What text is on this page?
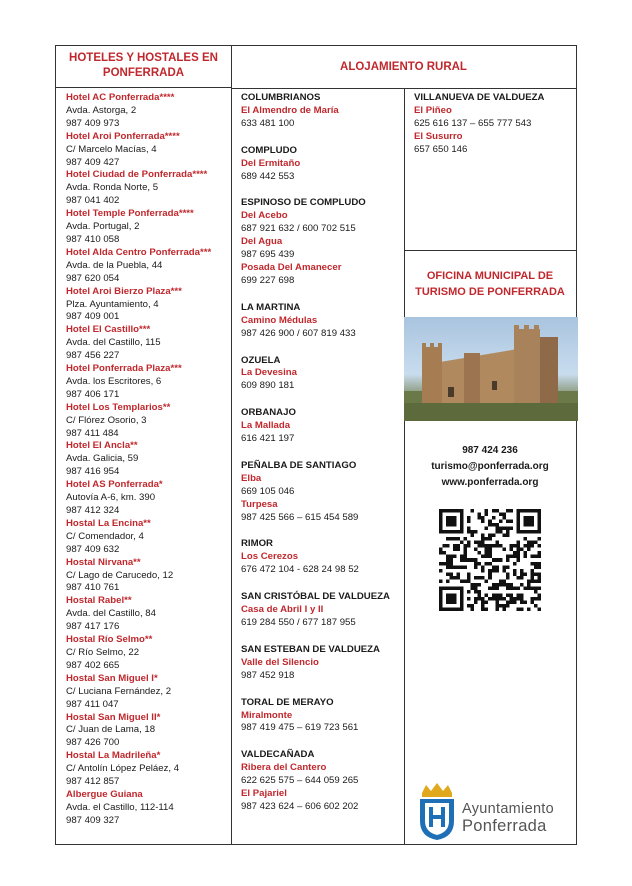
HOTELES Y HOSTALES EN PONFERRADA
Hotel AC Ponferrada****
Avda. Astorga, 2
987 409 973
Hotel Aroi Ponferrada****
C/ Marcelo Macías, 4
987 409 427
Hotel Ciudad de Ponferrada****
Avda. Ronda Norte, 5
987 041 402
Hotel Temple Ponferrada****
Avda. Portugal, 2
987 410 058
Hotel Alda Centro Ponferrada***
Avda. de la Puebla, 44
987 620 054
Hotel Aroi Bierzo Plaza***
Plza. Ayuntamiento, 4
987 409 001
Hotel El Castillo***
Avda. del Castillo, 115
987 456 227
Hotel Ponferrada Plaza***
Avda. los Escritores, 6
987 406 171
Hotel Los Templarios**
C/ Flórez Osorio, 3
987 411 484
Hotel El Ancla**
Avda. Galicia, 59
987 416 954
Hotel AS Ponferrada*
Autovía A-6, km. 390
987 412 324
Hostal La Encina**
C/ Comendador, 4
987 409 632
Hostal Nirvana**
C/ Lago de Carucedo, 12
987 410 761
Hostal Rabel**
Avda. del Castillo, 84
987 417 176
Hostal Río Selmo**
C/ Río Selmo, 22
987 402 665
Hostal San Miguel I*
C/ Luciana Fernández, 2
987 411 047
Hostal San Miguel II*
C/ Juan de Lama, 18
987 426 700
Hostal La Madrileña*
C/ Antolín López Peláez, 4
987 412 857
Albergue Guiana
Avda. el Castillo, 112-114
987 409 327
ALOJAMIENTO RURAL
COLUMBRIANOS
El Almendro de María
633 481 100
COMPLUDO
Del Ermitaño
689 442 553
ESPINOSO DE COMPLUDO
Del Acebo
687 921 632 / 600 702 515
Del Agua
987 695 439
Posada Del Amanecer
699 227 698
LA MARTINA
Camino Médulas
987 426 900 / 607 819 433
OZUELA
La Devesina
609 890 181
ORBANAJO
La Mallada
616 421 197
PEÑALBA DE SANTIAGO
Elba
669 105 046
Turpesa
987 425 566 – 615 454 589
RIMOR
Los Cerezos
676 472 104 - 628 24 98 52
SAN CRISTÓBAL DE VALDUEZA
Casa de Abril I y II
619 284 550 / 677 187 955
SAN ESTEBAN DE VALDUEZA
Valle del Silencio
987 452 918
TORAL DE MERAYO
Miralmonte
987 419 475 – 619 723 561
VALDECAÑADA
Ribera del Cantero
622 625 575 – 644 059 265
El Pajariel
987 423 624 – 606 602 202
VILLANUEVA DE VALDUEZA
El Piñeo
625 616 137 – 655 777 543
El Susurro
657 650 146
OFICINA MUNICIPAL DE
TURISMO DE PONFERRADA
987 424 236
turismo@ponferrada.org
www.ponferrada.org
Ayuntamiento
Ponferrada
